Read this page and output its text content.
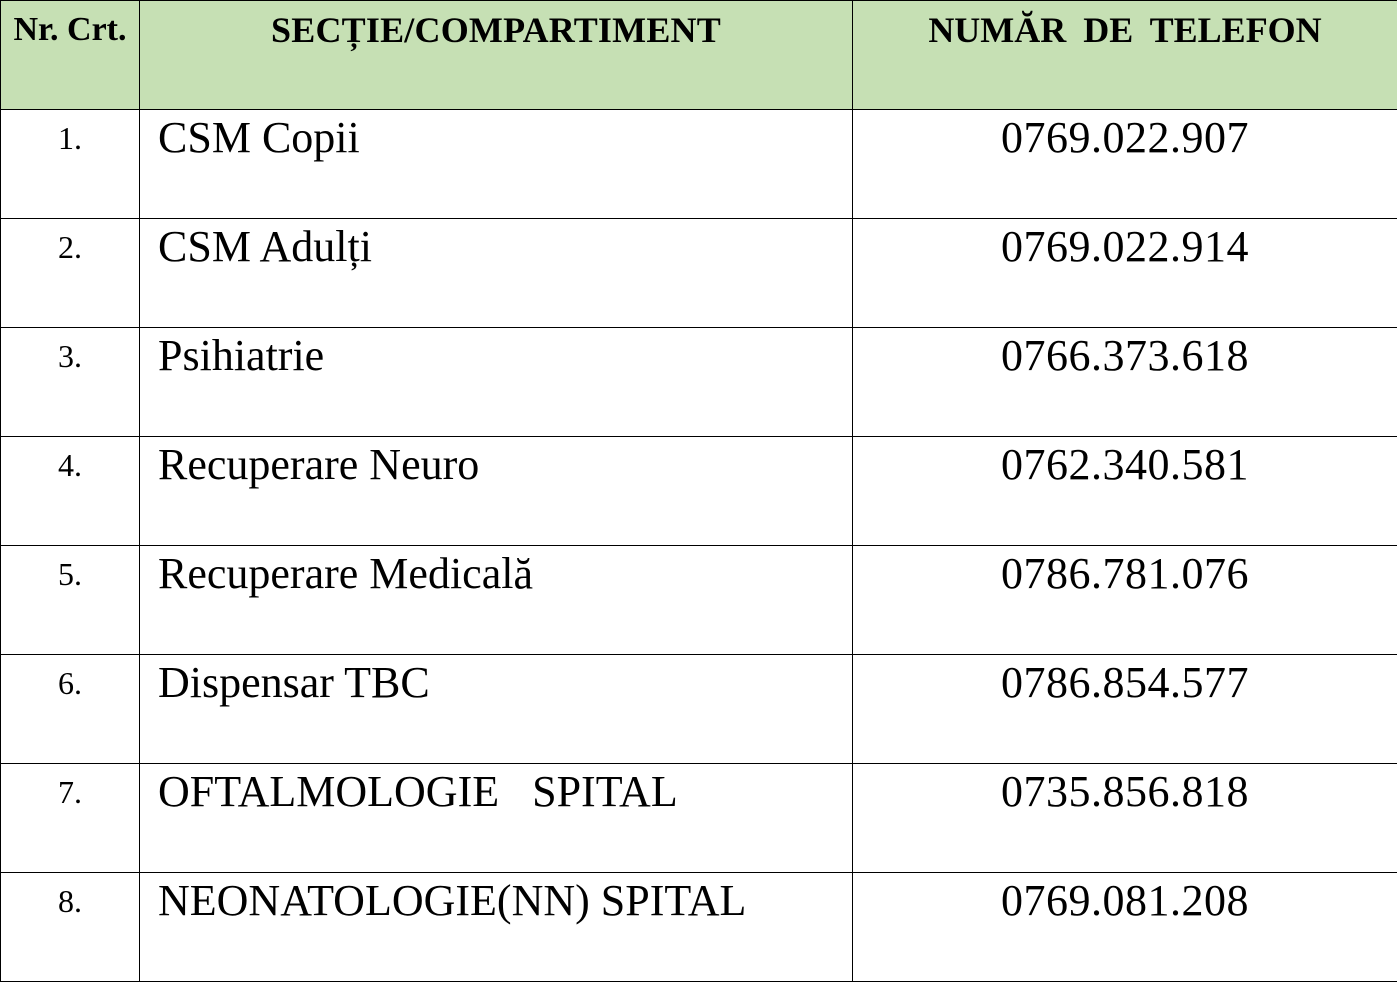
Nr. Crt.	SECȚIE/COMPARTIMENT	NUMĂR DE TELEFON
1.	CSM Copii	0769.022.907
2.	CSM Adulți	0769.022.914
3.	Psihiatrie	0766.373.618
4.	Recuperare Neuro	0762.340.581
5.	Recuperare Medicală	0786.781.076
6.	Dispensar TBC	0786.854.577
7.	OFTALMOLOGIE   SPITAL	0735.856.818
8.	NEONATOLOGIE(NN) SPITAL	0769.081.208
